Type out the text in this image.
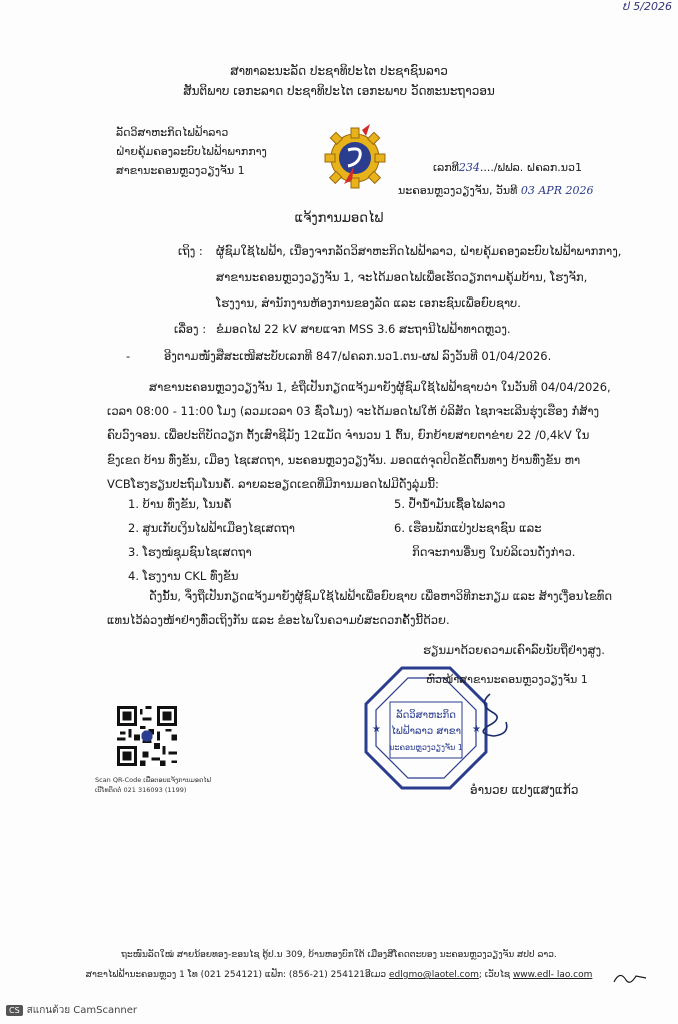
ປ 5/2026
ສາທາລະນະລັດ ປະຊາທິປະໄຕ ປະຊາຊົນລາວ
ສັນຕິພາບ ເອກະລາດ ປະຊາທິປະໄຕ ເອກະພາບ ວັດທະນະຖາວອນ
ລັດວິສາຫະກິດໄຟຟ້າລາວ
ຝ່າຍຄຸ້ມຄອງລະບົບໄຟຟ້າພາກກາງ
ສາຂານະຄອນຫຼວງວຽງຈັນ 1	ເລກທີ234..../ຟຟລ. ຝຄລກ.ນວ1
ນະຄອນຫຼວງວຽງຈັນ, ວັນທີ 03 APR 2026
ແຈ້ງການມອດໄຟ
ເຖິງ : ຜູ້ຊົມໃຊ້ໄຟຟ້າ, ເນື່ອງຈາກລັດວິສາຫະກິດໄຟຟ້າລາວ, ຝ່າຍຄຸ້ມຄອງລະບົບໄຟຟ້າພາກກາງ,
ສາຂານະຄອນຫຼວງວຽງຈັນ 1, ຈະໄດ້ມອດໄຟເພື່ອເຮັດວຽກຕາມຄຸ້ມບ້ານ, ໂຮງຈັກ,
ໂຮງງານ, ສໍານັກງານຫ້ອງການຂອງລັດ ແລະ ເອກະຊົນເພື່ອຍົບຊາບ.
ເລື່ອງ : ຂໍມອດໄຟ 22 kV ສາຍແຈກ MSS 3.6 ສະຖານີໄຟຟ້າທາດຫຼວງ.
-	ອີງຕາມໜັງສືສະເໜີສະບັບເລກທີ 847/ຝຄລກ.ນວ1.ຕນ-ຜຟ ລົງວັນທີ 01/04/2026.
ສາຂານະຄອນຫຼວງວຽງຈັນ 1, ຂໍຖືເປັນກຽດແຈ້ງມາຍັງຜູ້ຊົມໃຊ້ໄຟຟ້າຊາບວ່າ ໃນວັນທີ 04/04/2026,
ເວລາ 08:00 - 11:00 ໂມງ (ລວມເວລາ 03 ຊົ່ວໂມງ) ຈະໄດ້ມອດໄຟໃຫ້ ບໍລິສັດ ໄຊກຈະເລີນຮຸ່ງເຮືອງ ກໍ່ສ້າງ
ຄົບວົງຈອນ. ເພື່ອປະຕິບັດວຽກ ຕັ້ງເສົາຊີມັງ 12ແມັດ ຈໍານວນ 1 ຕົ້ນ, ຍົກຍ້າຍສາຍຕາຂ່າຍ 22 /0,4kV ໃນ
ຂົງເຂດ ບ້ານ ທົ່ງຂັນ, ເມືອງ ໄຊເສດຖາ, ນະຄອນຫຼວງວຽງຈັນ. ມອດແຕ່ຈຸດປິດຂັດຕົ້ນທາງ ບ້ານທົ່ງຂັນ ຫາ
VCBໂຮງຮຽນປະຖົມໂນນຄໍ້. ລາຍລະອຽດເຂດທີ່ມີການມອດໄຟມີດັ່ງລຸ່ມນີ້:
1. ບ້ານ ທົ່ງຂັນ, ໂນນຄໍ້
2. ສູນເກັບເງິນໄຟຟ້າເມືອງໄຊເສດຖາ
3. ໂຮງໝໍຊຸມຊົນໄຊເສດຖາ
4. ໂຮງງານ CKL ທົ່ງຂັນ
5. ປໍ້ານໍ້າມັນເຊື້ອໄຟລາວ
6. ເຮືອນພັກແປ່ງປະຊາຊົນ ແລະ
ກິດຈະການອື່ນໆ ໃນບໍລິເວນດັ່ງກ່າວ.
ດັ່ງນັ້ນ, ຈຶ່ງຖືເປັນກຽດແຈ້ງມາຍັງຜູ້ຊົມໃຊ້ໄຟຟ້າເພື່ອຍົບຊາບ ເພື່ອຫາວິທີກະກຽມ ແລະ ສ້າງເງື່ອນໄຂທົດ
ແທນໄວ້ລ່ວງໜ້າຢ່າງທົ່ວເຖິງກັນ ແລະ ຂໍອະໄພໃນຄວາມບໍ່ສະດວກຄັ້ງນີ້ດ້ວຍ.
ຮຽນມາດ້ວຍຄວາມເຄົາລົບນັບຖືຢ່າງສູງ.
★	★
ລັດວິສາຫະກິດ
ໄຟຟ້າລາວ ສາຂາ
ນະຄອນຫຼວງວຽງຈັນ 1
ຫົວໜ້າສາຂານະຄອນຫຼວງວຽງຈັນ 1
ອຳນວຍ ແປງແສງແກ້ວ
Scan QR-Code ເພື່ອຕອບແຈ້ງການມອດໄຟ
ເບີໂທຕິດຕໍ່ 021 316093 (1199)
ຖະໜົນລັດໃໝ່ ສາຍນ້ອຍທອງ-ຂອນໄຊ ຕູ້ປ.ນ 309, ບ້ານຫອງບົກໃຕ້ ເມືອງສີໂຄດຕະບອງ ນະຄອນຫຼວງວຽງຈັນ ສປປ ລາວ.
ສາຂາໄຟຟ້ານະຄອນຫຼວງ 1 ໂທ (021 254121) ແຟັກ: (856-21) 254121ອີເມວ edlgmo@laotel.com; ເວັບໄຊ www.edl- lao.com
CS สแกนด้วย CamScanner
